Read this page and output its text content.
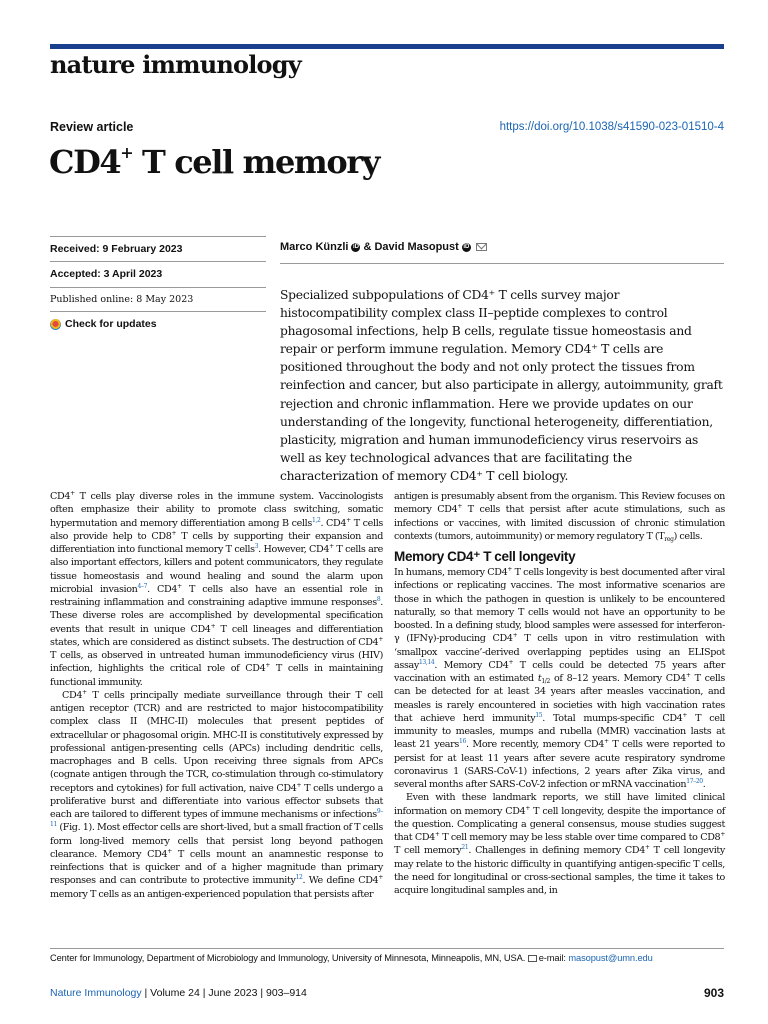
nature immunology
Review article	https://doi.org/10.1038/s41590-023-01510-4
CD4+ T cell memory
Received: 9 February 2023
Accepted: 3 April 2023
Published online: 8 May 2023
Check for updates
Marco Künzli iD & David Masopust iD
Specialized subpopulations of CD4⁺ T cells survey major histocompatibility complex class II–peptide complexes to control phagosomal infections, help B cells, regulate tissue homeostasis and repair or perform immune regulation. Memory CD4⁺ T cells are positioned throughout the body and not only protect the tissues from reinfection and cancer, but also participate in allergy, autoimmunity, graft rejection and chronic inflammation. Here we provide updates on our understanding of the longevity, functional heterogeneity, differentiation, plasticity, migration and human immunodeficiency virus reservoirs as well as key technological advances that are facilitating the characterization of memory CD4⁺ T cell biology.

CD4+ T cells play diverse roles in the immune system. Vaccinologists often emphasize their ability to promote class switching, somatic hypermutation and memory differentiation among B cells$^{1,2}$. CD4+ T cells also provide help to CD8+ T cells by supporting their expansion and differentiation into functional memory T cells$^3$. However, CD4+ T cells are also important effectors, killers and potent communicators, they regulate tissue homeostasis and wound healing and sound the alarm upon microbial invasion$^{4-7}$. CD4+ T cells also have an essential role in restraining inflammation and constraining adaptive immune responses$^8$. These diverse roles are accomplished by developmental specification events that result in unique CD4+ T cell lineages and differentiation states, which are considered as distinct subsets. The destruction of CD4+ T cells, as observed in untreated human immunodeficiency virus (HIV) infection, highlights the critical role of CD4+ T cells in maintaining functional immunity.

CD4+ T cells principally mediate surveillance through their T cell antigen receptor (TCR) and are restricted to major histocompatibility complex class II (MHC-II) molecules that present peptides of extracellular or phagosomal origin. MHC-II is constitutively expressed by professional antigen-presenting cells (APCs) including dendritic cells, macrophages and B cells. Upon receiving three signals from APCs (cognate antigen through the TCR, co-stimulation through co-stimulatory receptors and cytokines) for full activation, naive CD4+ T cells undergo a proliferative burst and differentiate into various effector subsets that each are tailored to different types of immune mechanisms or infections$^{9-11}$ (Fig. 1). Most effector cells are short-lived, but a small fraction of T cells form long-lived memory cells that persist long beyond pathogen clearance. Memory CD4+ T cells mount an anamnestic response to reinfections that is quicker and of a higher magnitude than primary responses and can contribute to protective immunity$^{12}$. We define CD4+ memory T cells as an antigen-experienced population that persists after

antigen is presumably absent from the organism. This Review focuses on memory CD4+ T cells that persist after acute stimulations, such as infections or vaccines, with limited discussion of chronic stimulation contexts (tumors, autoimmunity) or memory regulatory T $(T_{reg})$ cells.

Memory CD4⁺ T cell longevity

In humans, memory CD4+ T cells longevity is best documented after viral infections or replicating vaccines. The most informative scenarios are those in which the pathogen in question is unlikely to be encountered naturally, so that memory T cells would not have an opportunity to be boosted. In a defining study, blood samples were assessed for interferon-γ (IFNγ)-producing CD4+ T cells upon in vitro restimulation with ‘smallpox vaccine’-derived overlapping peptides using an ELISpot assay$^{13,14}$. Memory CD4+ T cells could be detected 75 years after vaccination with an estimated $t_{1/2}$ of 8–12 years. Memory CD4+ T cells can be detected for at least 34 years after measles vaccination, and measles is rarely encountered in societies with high vaccination rates that achieve herd immunity$^{15}$. Total mumps-specific CD4+ T cell immunity to measles, mumps and rubella (MMR) vaccination lasts at least 21 years$^{16}$. More recently, memory CD4+ T cells were reported to persist for at least 11 years after severe acute respiratory syndrome coronavirus 1 (SARS-CoV-1) infections, 2 years after Zika virus, and several months after SARS-CoV-2 infection or mRNA vaccination$^{17-20}$.

Even with these landmark reports, we still have limited clinical information on memory CD4+ T cell longevity, despite the importance of the question. Complicating a general consensus, mouse studies suggest that CD4+ T cell memory may be less stable over time compared to CD8+ T cell memory$^{21}$. Challenges in defining memory CD4+ T cell longevity may relate to the historic difficulty in quantifying antigen-specific T cells, the need for longitudinal or cross-sectional samples, the time it takes to acquire longitudinal samples and, in

Center for Immunology, Department of Microbiology and Immunology, University of Minnesota, Minneapolis, MN, USA. e-mail: masopust@umn.edu
Nature Immunology | Volume 24 | June 2023 | 903–914	903
